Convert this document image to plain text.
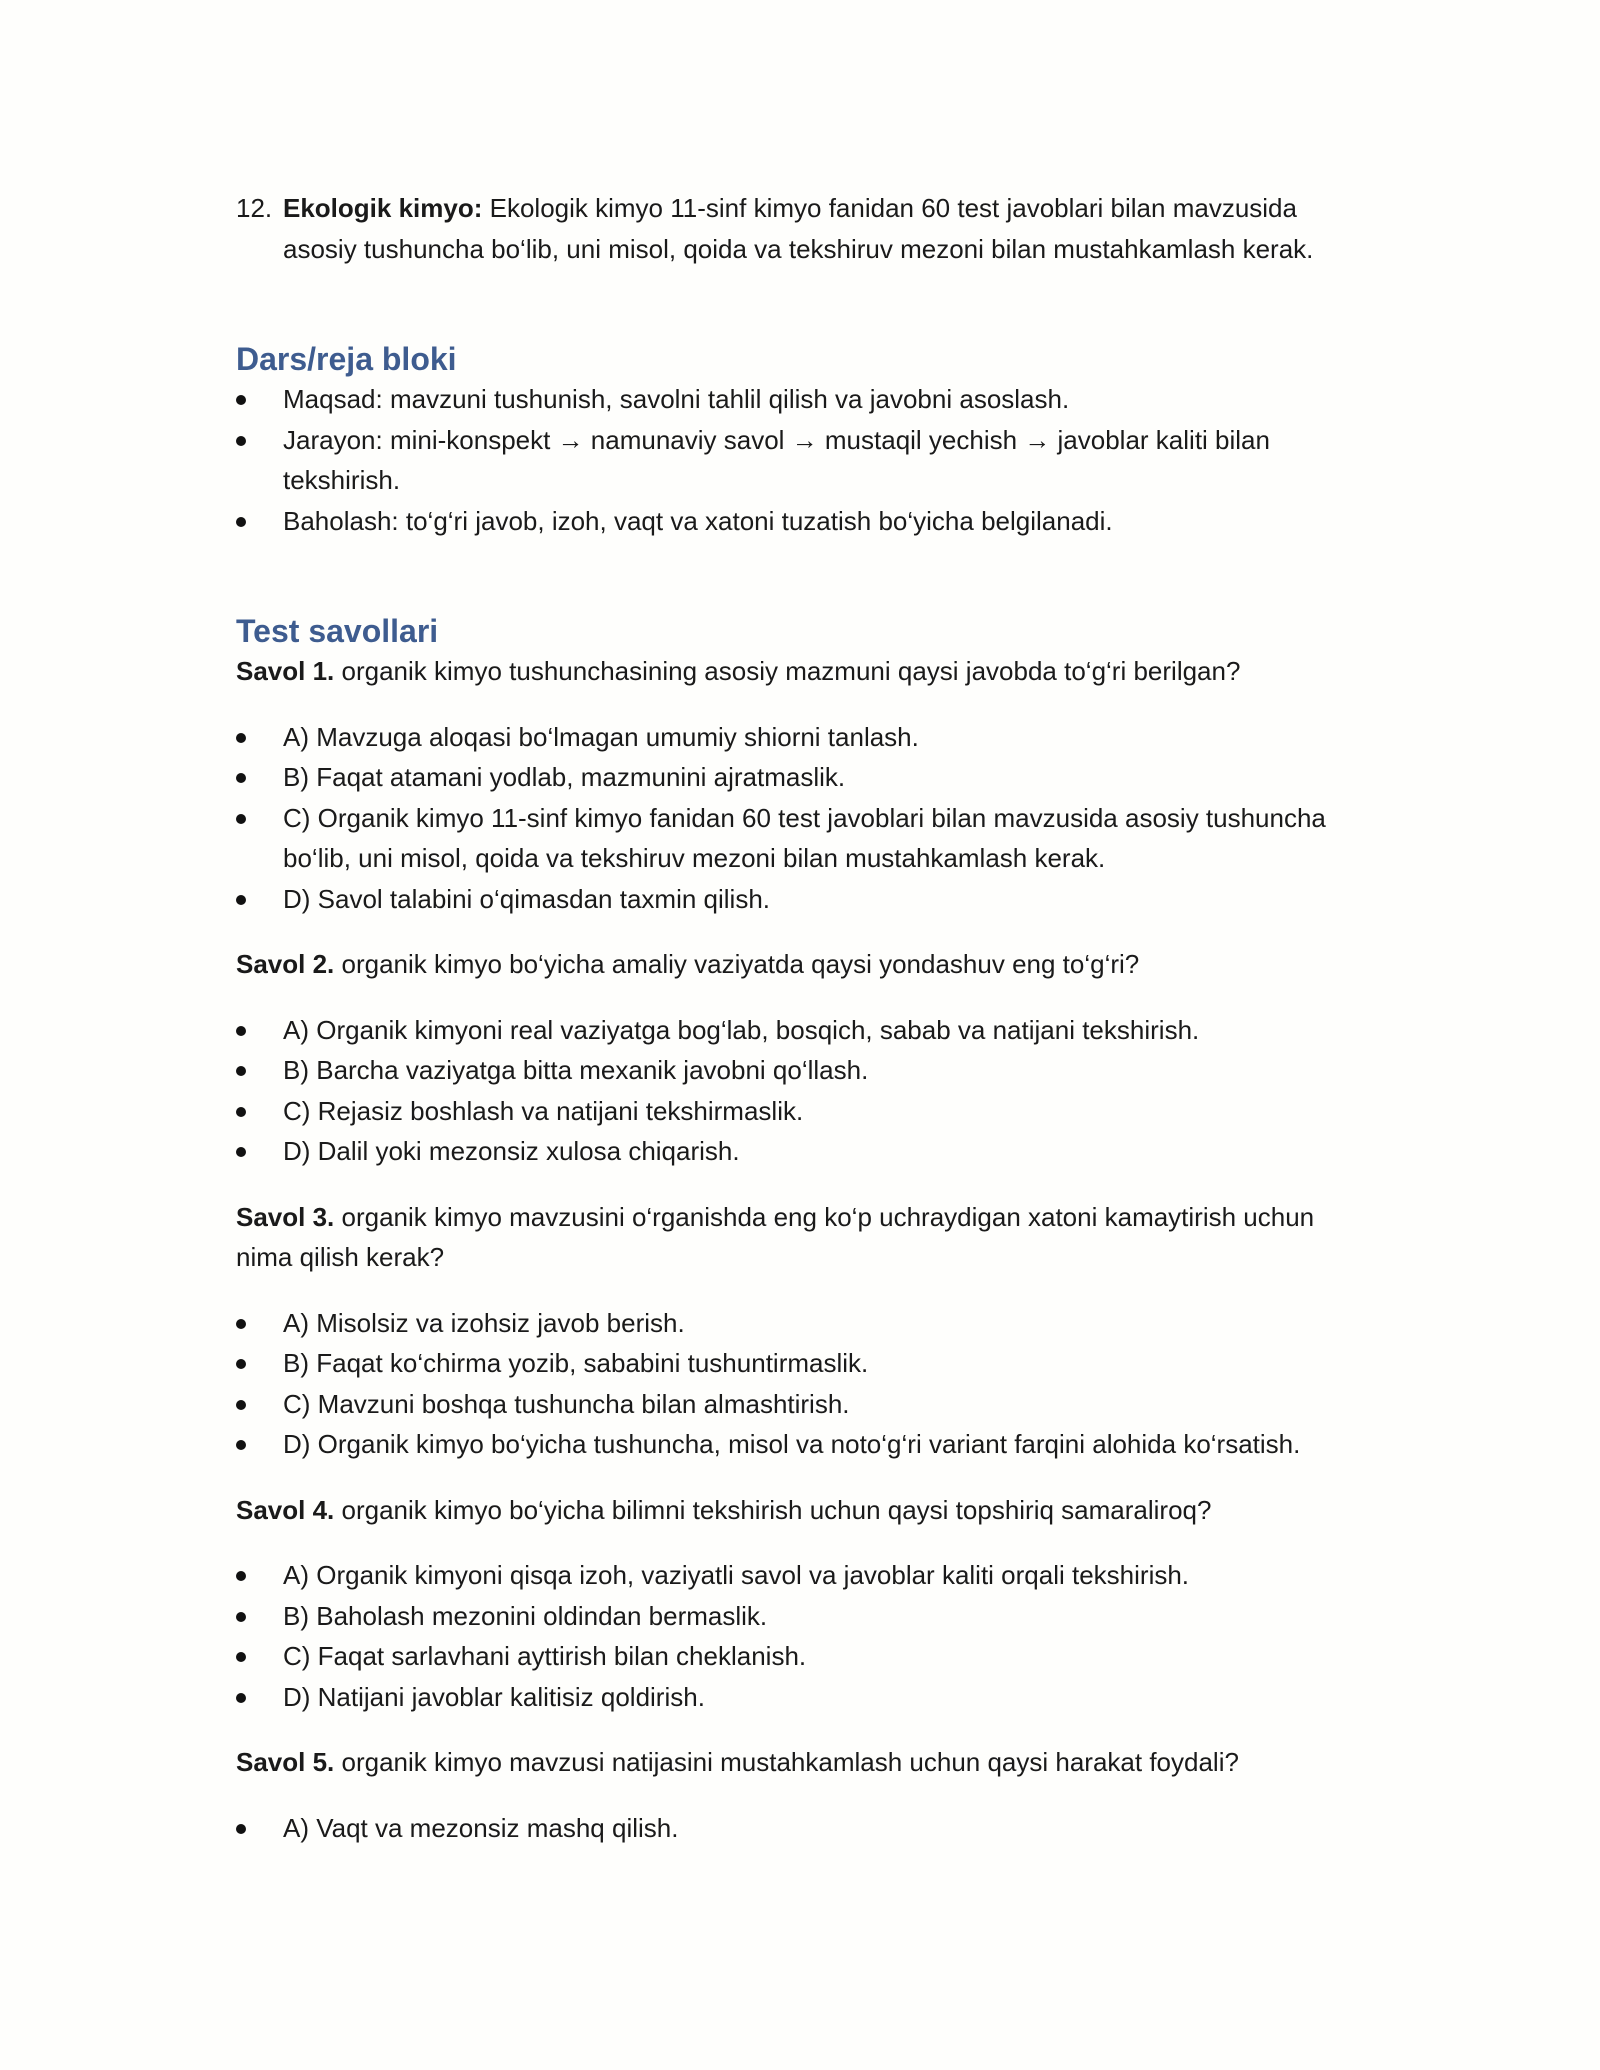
12. Ekologik kimyo: Ekologik kimyo 11-sinf kimyo fanidan 60 test javoblari bilan mavzusida asosiy tushuncha bo‘lib, uni misol, qoida va tekshiruv mezoni bilan mustahkamlash kerak.
Dars/reja bloki
Maqsad: mavzuni tushunish, savolni tahlil qilish va javobni asoslash.
Jarayon: mini-konspekt → namunaviy savol → mustaqil yechish → javoblar kaliti bilan tekshirish.
Baholash: to‘g‘ri javob, izoh, vaqt va xatoni tuzatish bo‘yicha belgilanadi.
Test savollari

Savol 1. organik kimyo tushunchasining asosiy mazmuni qaysi javobda to‘g‘ri berilgan?

A) Mavzuga aloqasi bo‘lmagan umumiy shiorni tanlash.
B) Faqat atamani yodlab, mazmunini ajratmaslik.
C) Organik kimyo 11-sinf kimyo fanidan 60 test javoblari bilan mavzusida asosiy tushuncha bo‘lib, uni misol, qoida va tekshiruv mezoni bilan mustahkamlash kerak.
D) Savol talabini o‘qimasdan taxmin qilish.

Savol 2. organik kimyo bo‘yicha amaliy vaziyatda qaysi yondashuv eng to‘g‘ri?

A) Organik kimyoni real vaziyatga bog‘lab, bosqich, sabab va natijani tekshirish.
B) Barcha vaziyatga bitta mexanik javobni qo‘llash.
C) Rejasiz boshlash va natijani tekshirmaslik.
D) Dalil yoki mezonsiz xulosa chiqarish.

Savol 3. organik kimyo mavzusini o‘rganishda eng ko‘p uchraydigan xatoni kamaytirish uchun nima qilish kerak?

A) Misolsiz va izohsiz javob berish.
B) Faqat ko‘chirma yozib, sababini tushuntirmaslik.
C) Mavzuni boshqa tushuncha bilan almashtirish.
D) Organik kimyo bo‘yicha tushuncha, misol va noto‘g‘ri variant farqini alohida ko‘rsatish.

Savol 4. organik kimyo bo‘yicha bilimni tekshirish uchun qaysi topshiriq samaraliroq?

A) Organik kimyoni qisqa izoh, vaziyatli savol va javoblar kaliti orqali tekshirish.
B) Baholash mezonini oldindan bermaslik.
C) Faqat sarlavhani ayttirish bilan cheklanish.
D) Natijani javoblar kalitisiz qoldirish.

Savol 5. organik kimyo mavzusi natijasini mustahkamlash uchun qaysi harakat foydali?

A) Vaqt va mezonsiz mashq qilish.
